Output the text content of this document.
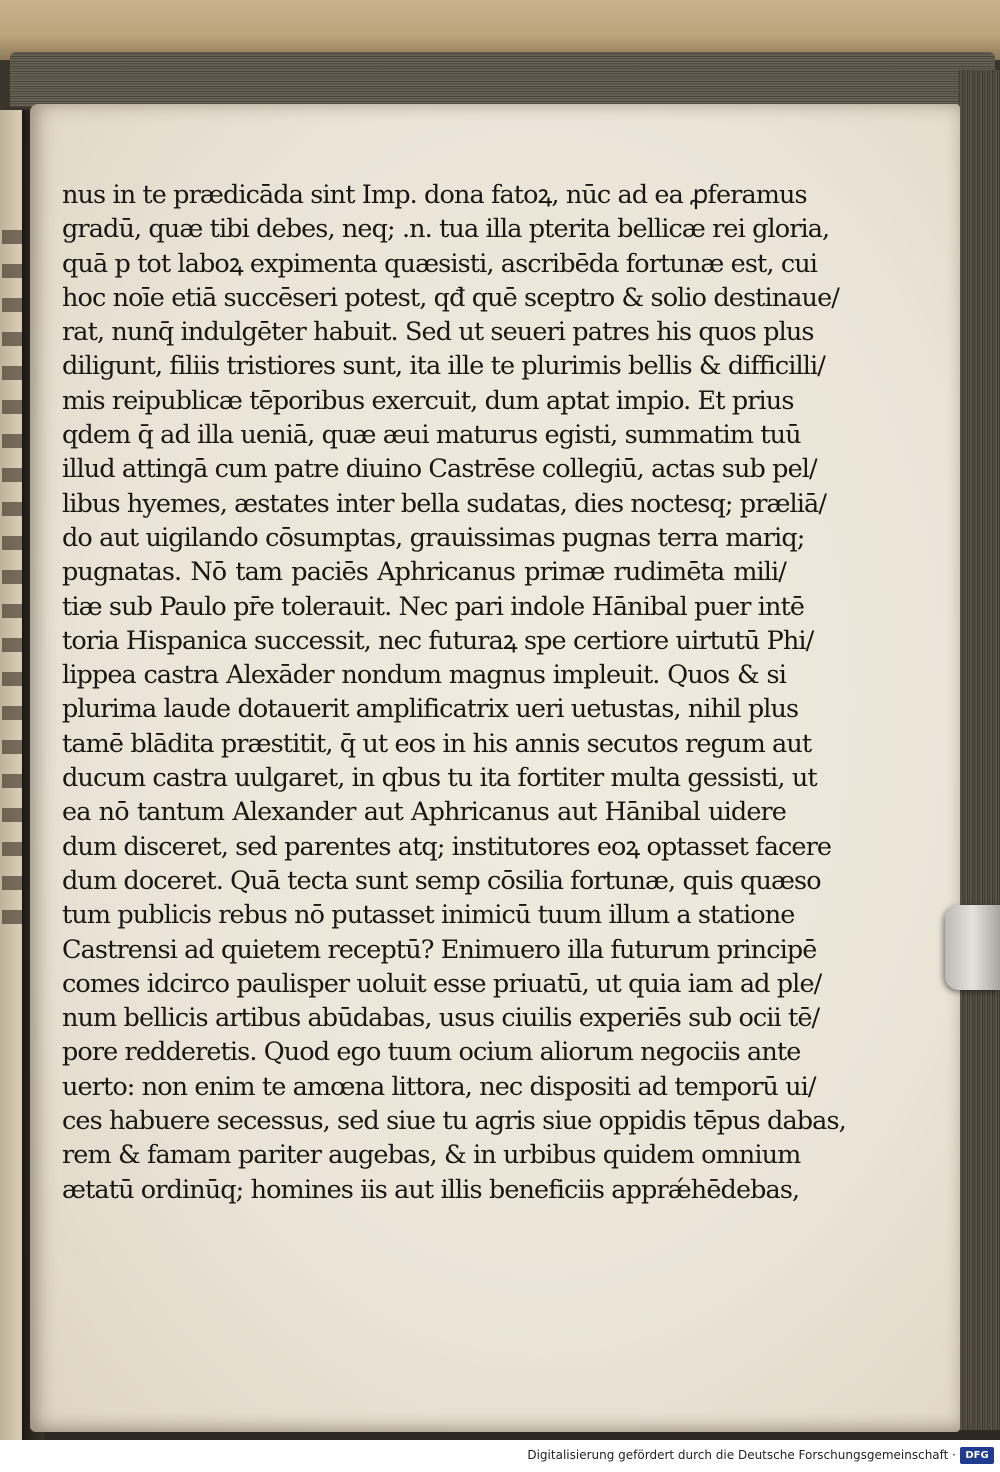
nus in te prædicāda sint Imp. dona fatoꝝ, nūc ad ea ꝓferamus
gradū, quæ tibi debes, neq; .n. tua illa pterita bellicæ rei gloria,
quā p tot laboꝝ expimenta quæsisti, ascribēda fortunæ est, cui
hoc noīe etiā succēseri potest, qđ quē sceptro & solio destinaue/
rat, nunq̄ indulgēter habuit. Sed ut seueri patres his quos plus
diligunt, filiis tristiores sunt, ita ille te plurimis bellis & difficilli/
mis reipublicæ tēporibus exercuit, dum aptat impio. Et prius
qdem q̄ ad illa ueniā, quæ æui maturus egisti, summatim tuū
illud attingā cum patre diuino Castrēse collegiū, actas sub pel/
libus hyemes, æstates inter bella sudatas, dies noctesq; præliā/
do aut uigilando cōsumptas, grauissimas pugnas terra mariq;
pugnatas. Nō tam paciēs Aphricanus primæ rudimēta mili/
tiæ sub Paulo pr̄e tolerauit. Nec pari indole Hānibal puer intē
toria Hispanica successit, nec futuraꝝ spe certiore uirtutū Phi/
lippea castra Alexāder nondum magnus impleuit. Quos & si
plurima laude dotauerit amplificatrix ueri uetustas, nihil plus
tamē blādita præstitit, q̄ ut eos in his annis secutos regum aut
ducum castra uulgaret, in qbus tu ita fortiter multa gessisti, ut
ea nō tantum Alexander aut Aphricanus aut Hānibal uidere
dum disceret, sed parentes atq; institutores eoꝝ optasset facere
dum doceret. Quā tecta sunt semp cōsilia fortunæ, quis quæso
tum publicis rebus nō putasset inimicū tuum illum a statione
Castrensi ad quietem receptū? Enimuero illa futurum principē
comes idcirco paulisper uoluit esse priuatū, ut quia iam ad ple/
num bellicis artibus abūdabas, usus ciuilis experiēs sub ocii tē/
pore redderetis. Quod ego tuum ocium aliorum negociis ante
uerto: non enim te amœna littora, nec dispositi ad temporū ui/
ces habuere secessus, sed siue tu agris siue oppidis tēpus dabas,
rem & famam pariter augebas, & in urbibus quidem omnium
ætatū ordinūq; homines iis aut illis beneficiis apprǽhēdebas,
Digitalisierung gefördert durch die Deutsche Forschungsgemeinschaft · DFG
